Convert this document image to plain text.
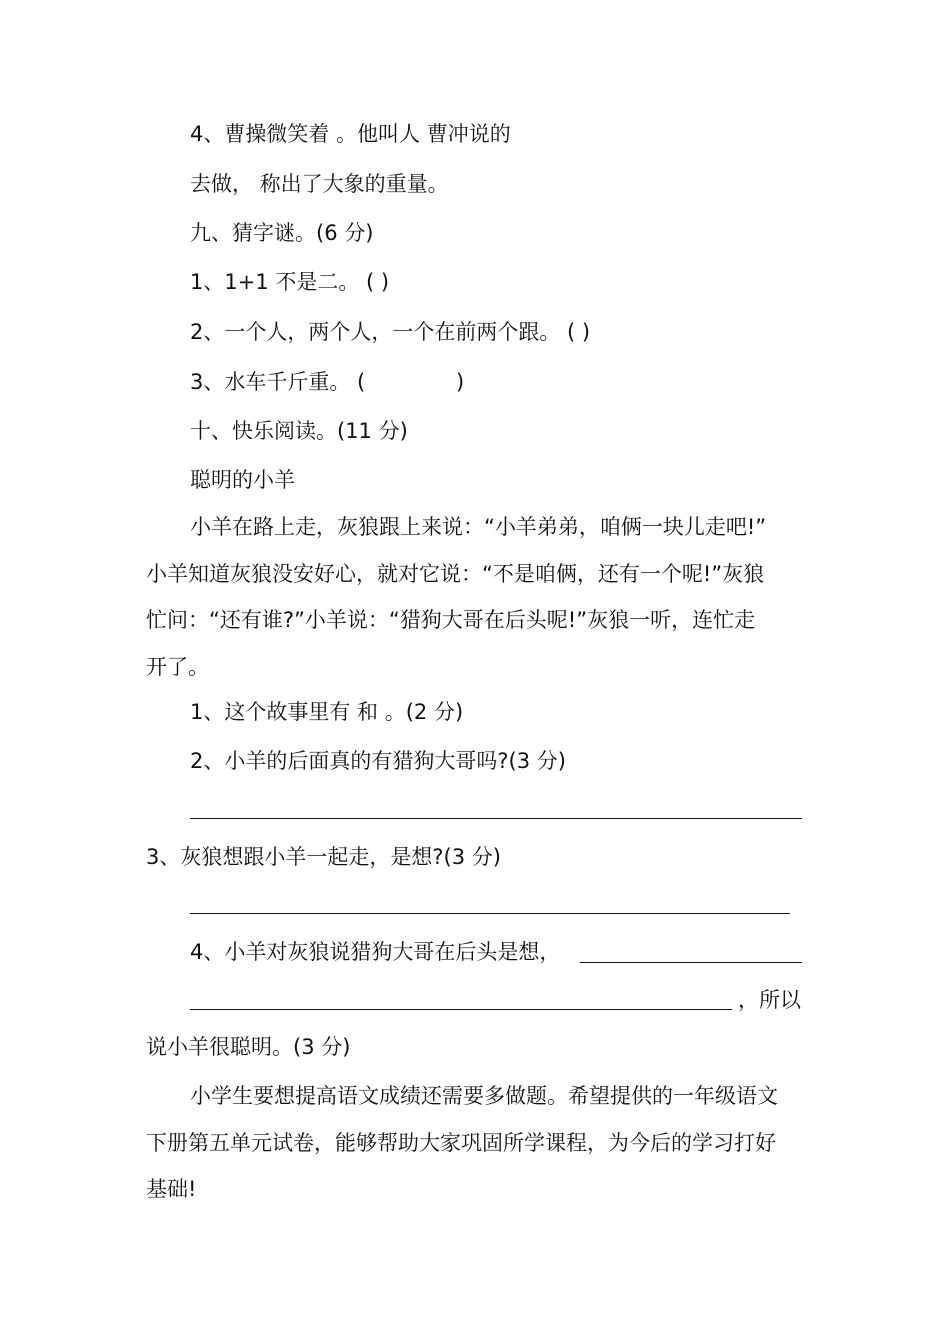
4、曹操微笑着 。他叫人 曹冲说的
去做， 称出了大象的重量。
九、猜字谜。(6 分)
1、1+1 不是二。 ( )
2、一个人，两个人，一个在前两个跟。 ( )
3、水车千斤重。 (	)
十、快乐阅读。(11 分)
聪明的小羊
小羊在路上走，灰狼跟上来说：“小羊弟弟，咱俩一块儿走吧!”
小羊知道灰狼没安好心，就对它说：“不是咱俩，还有一个呢!”灰狼
忙问：“还有谁?”小羊说：“猎狗大哥在后头呢!”灰狼一听，连忙走
开了。
1、这个故事里有 和 。(2 分)
2、小羊的后面真的有猎狗大哥吗?(3 分)
3、灰狼想跟小羊一起走，是想?(3 分)
4、小羊对灰狼说猎狗大哥在后头是想，
，所以
说小羊很聪明。(3 分)
小学生要想提高语文成绩还需要多做题。希望提供的一年级语文
下册第五单元试卷，能够帮助大家巩固所学课程，为今后的学习打好
基础!
